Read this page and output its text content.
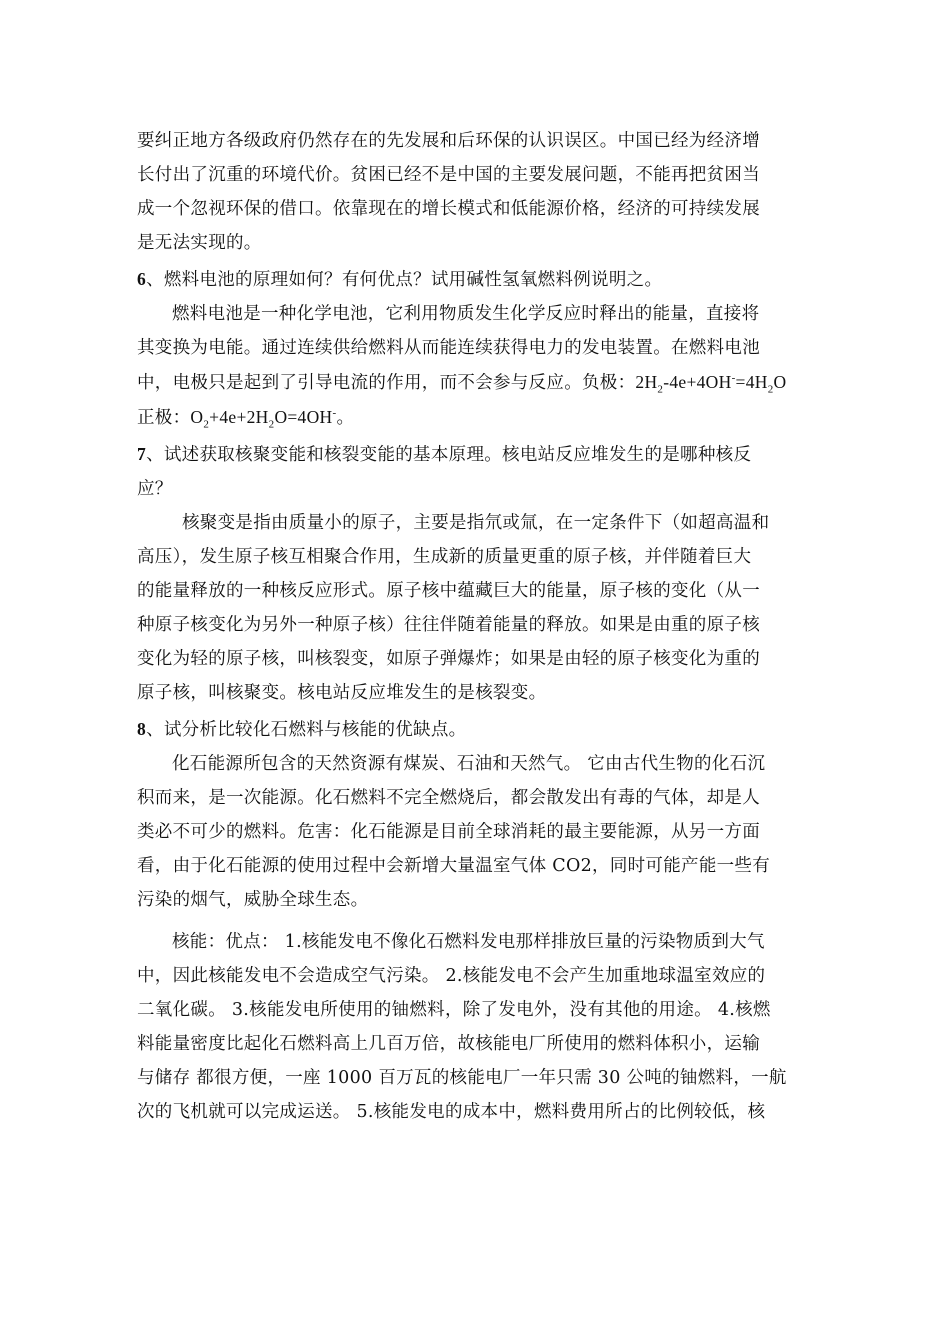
要纠正地方各级政府仍然存在的先发展和后环保的认识误区。中国已经为经济增
长付出了沉重的环境代价。贫困已经不是中国的主要发展问题，不能再把贫困当
成一个忽视环保的借口。依靠现在的增长模式和低能源价格，经济的可持续发展
是无法实现的。

6、燃料电池的原理如何？有何优点？试用碱性氢氧燃料例说明之。

燃料电池是一种化学电池，它利用物质发生化学反应时释出的能量，直接将
其变换为电能。通过连续供给燃料从而能连续获得电力的发电装置。在燃料电池
中，电极只是起到了引导电流的作用，而不会参与反应。负极：$2H_2-4e+4OH^-=4H_2O$
正极：$O_2+4e+2H_2O=4OH^-$。

7、试述获取核聚变能和核裂变能的基本原理。核电站反应堆发生的是哪种核反
应？

核聚变是指由质量小的原子，主要是指氘或氚，在一定条件下（如超高温和
高压），发生原子核互相聚合作用，生成新的质量更重的原子核，并伴随着巨大
的能量释放的一种核反应形式。原子核中蕴藏巨大的能量，原子核的变化（从一
种原子核变化为另外一种原子核）往往伴随着能量的释放。如果是由重的原子核
变化为轻的原子核，叫核裂变，如原子弹爆炸；如果是由轻的原子核变化为重的
原子核，叫核聚变。核电站反应堆发生的是核裂变。

8、试分析比较化石燃料与核能的优缺点。

化石能源所包含的天然资源有煤炭、石油和天然气。 它由古代生物的化石沉
积而来，是一次能源。化石燃料不完全燃烧后，都会散发出有毒的气体，却是人
类必不可少的燃料。危害：化石能源是目前全球消耗的最主要能源，从另一方面
看，由于化石能源的使用过程中会新增大量温室气体 CO2，同时可能产能一些有
污染的烟气，威胁全球生态。

核能：优点： 1.核能发电不像化石燃料发电那样排放巨量的污染物质到大气
中，因此核能发电不会造成空气污染。 2.核能发电不会产生加重地球温室效应的
二氧化碳。 3.核能发电所使用的铀燃料，除了发电外，没有其他的用途。 4.核燃
料能量密度比起化石燃料高上几百万倍，故核能电厂所使用的燃料体积小，运输
与储存 都很方便，一座 1000 百万瓦的核能电厂一年只需 30 公吨的铀燃料，一航
次的飞机就可以完成运送。 5.核能发电的成本中，燃料费用所占的比例较低，核
